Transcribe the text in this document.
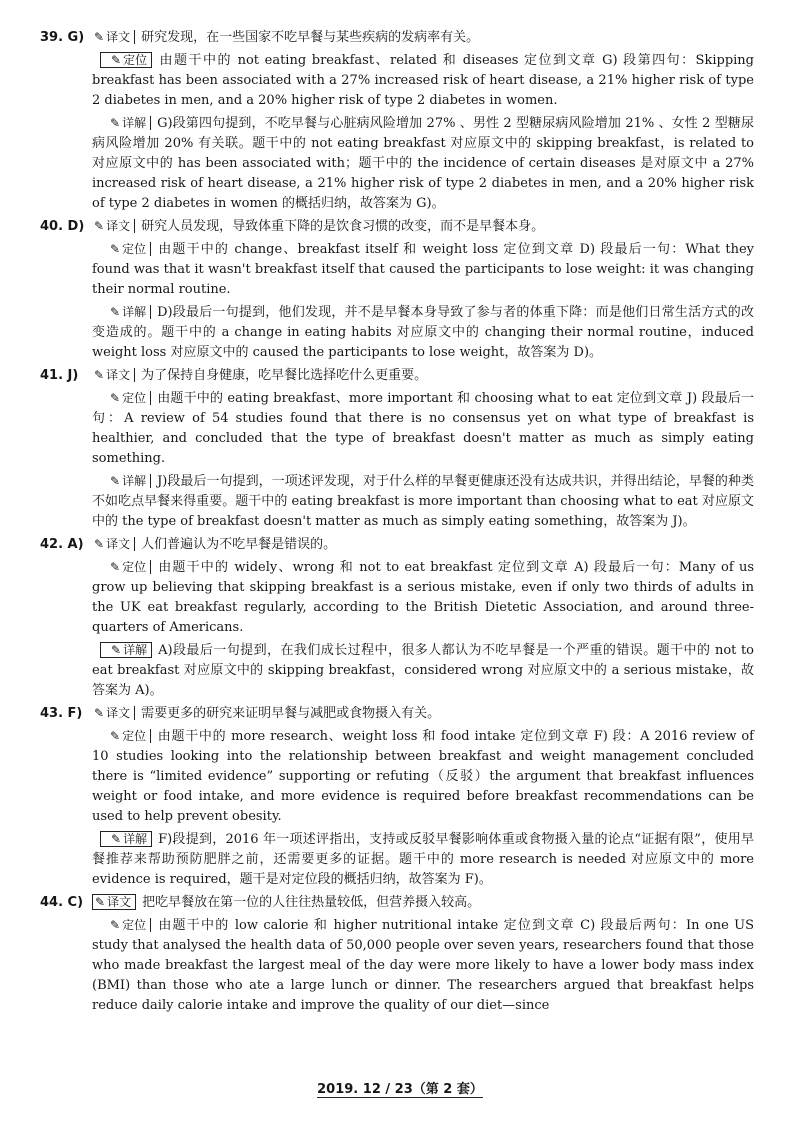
39. G) ✎ 译文 研究发现，在一些国家不吃早餐与某些疾病的发病率有关。

✎ 定位 由题干中的 not eating breakfast、related 和 diseases 定位到文章 G) 段第四句：Skipping breakfast has been associated with a 27% increased risk of heart disease, a 21% higher risk of type 2 diabetes in men, and a 20% higher risk of type 2 diabetes in women.

✎ 详解 G)段第四句提到，不吃早餐与心脏病风险增加 27% 、男性 2 型糖尿病风险增加 21% 、女性 2 型糖尿病风险增加 20% 有关联。题干中的 not eating breakfast 对应原文中的 skipping breakfast，is related to 对应原文中的 has been associated with；题干中的 the incidence of certain diseases 是对原文中 a 27% increased risk of heart disease, a 21% higher risk of type 2 diabetes in men, and a 20% higher risk of type 2 diabetes in women 的概括归纳，故答案为 G)。

40. D) ✎ 译文 研究人员发现，导致体重下降的是饮食习惯的改变，而不是早餐本身。

✎ 定位 由题干中的 change、breakfast itself 和 weight loss 定位到文章 D) 段最后一句：What they found was that it wasn't breakfast itself that caused the participants to lose weight: it was changing their normal routine.

✎ 详解 D)段最后一句提到，他们发现，并不是早餐本身导致了参与者的体重下降：而是他们日常生活方式的改变造成的。题干中的 a change in eating habits 对应原文中的 changing their normal routine，induced weight loss 对应原文中的 caused the participants to lose weight，故答案为 D)。

41. J)	✎ 译文 为了保持自身健康，吃早餐比选择吃什么更重要。

✎ 定位 由题干中的 eating breakfast、more important 和 choosing what to eat 定位到文章 J) 段最后一句：A review of 54 studies found that there is no consensus yet on what type of breakfast is healthier, and concluded that the type of breakfast doesn't matter as much as simply eating something.

✎ 详解 J)段最后一句提到，一项述评发现，对于什么样的早餐更健康还没有达成共识，并得出结论，早餐的种类不如吃点早餐来得重要。题干中的 eating breakfast is more important than choosing what to eat 对应原文中的 the type of breakfast doesn't matter as much as simply eating something，故答案为 J)。

42. A) ✎ 译文 人们普遍认为不吃早餐是错误的。

✎ 定位 由题干中的 widely、wrong 和 not to eat breakfast 定位到文章 A) 段最后一句：Many of us grow up believing that skipping breakfast is a serious mistake, even if only two thirds of adults in the UK eat breakfast regularly, according to the British Dietetic Association, and around three-quarters of Americans.

✎ 详解 A)段最后一句提到，在我们成长过程中，很多人都认为不吃早餐是一个严重的错误。题干中的 not to eat breakfast 对应原文中的 skipping breakfast，considered wrong 对应原文中的 a serious mistake，故答案为 A)。

43. F) ✎ 译文 需要更多的研究来证明早餐与减肥或食物摄入有关。

✎ 定位 由题干中的 more research、weight loss 和 food intake 定位到文章 F) 段：A 2016 review of 10 studies looking into the relationship between breakfast and weight management concluded there is “limited evidence” supporting or refuting（反驳）the argument that breakfast influences weight or food intake, and more evidence is required before breakfast recommendations can be used to help prevent obesity.

✎ 详解 F)段提到，2016 年一项述评指出，支持或反驳早餐影响体重或食物摄入量的论点“证据有限”，使用早餐推荐来帮助预防肥胖之前，还需要更多的证据。题干中的 more research is needed 对应原文中的 more evidence is required，题干是对定位段的概括归纳，故答案为 F)。

44. C) ✎ 译文 把吃早餐放在第一位的人往往热量较低，但营养摄入较高。

✎ 定位 由题干中的 low calorie 和 higher nutritional intake 定位到文章 C) 段最后两句：In one US study that analysed the health data of 50,000 people over seven years, researchers found that those who made breakfast the largest meal of the day were more likely to have a lower body mass index (BMI) than those who ate a large lunch or dinner. The researchers argued that breakfast helps reduce daily calorie intake and improve the quality of our diet—since

2019. 12 / 23（第 2 套）
